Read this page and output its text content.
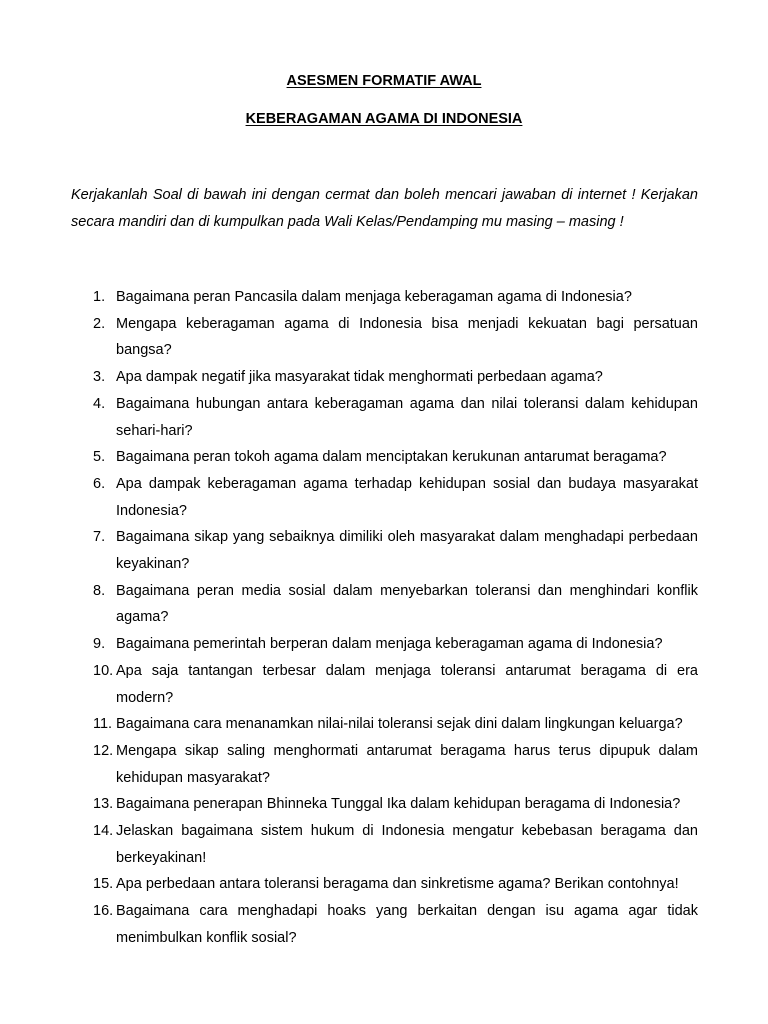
ASESMEN FORMATIF AWAL
KEBERAGAMAN AGAMA DI INDONESIA

Kerjakanlah Soal di bawah ini dengan cermat dan boleh mencari jawaban di internet ! Kerjakan secara mandiri dan di kumpulkan pada Wali Kelas/Pendamping mu masing – masing !

1. Bagaimana peran Pancasila dalam menjaga keberagaman agama di Indonesia?
2. Mengapa keberagaman agama di Indonesia bisa menjadi kekuatan bagi persatuan bangsa?
3. Apa dampak negatif jika masyarakat tidak menghormati perbedaan agama?
4. Bagaimana hubungan antara keberagaman agama dan nilai toleransi dalam kehidupan sehari-hari?
5. Bagaimana peran tokoh agama dalam menciptakan kerukunan antarumat beragama?
6. Apa dampak keberagaman agama terhadap kehidupan sosial dan budaya masyarakat Indonesia?
7. Bagaimana sikap yang sebaiknya dimiliki oleh masyarakat dalam menghadapi perbedaan keyakinan?
8. Bagaimana peran media sosial dalam menyebarkan toleransi dan menghindari konflik agama?
9. Bagaimana pemerintah berperan dalam menjaga keberagaman agama di Indonesia?
10. Apa saja tantangan terbesar dalam menjaga toleransi antarumat beragama di era modern?
11. Bagaimana cara menanamkan nilai-nilai toleransi sejak dini dalam lingkungan keluarga?
12. Mengapa sikap saling menghormati antarumat beragama harus terus dipupuk dalam kehidupan masyarakat?
13. Bagaimana penerapan Bhinneka Tunggal Ika dalam kehidupan beragama di Indonesia?
14. Jelaskan bagaimana sistem hukum di Indonesia mengatur kebebasan beragama dan berkeyakinan!
15. Apa perbedaan antara toleransi beragama dan sinkretisme agama? Berikan contohnya!
16. Bagaimana cara menghadapi hoaks yang berkaitan dengan isu agama agar tidak menimbulkan konflik sosial?
